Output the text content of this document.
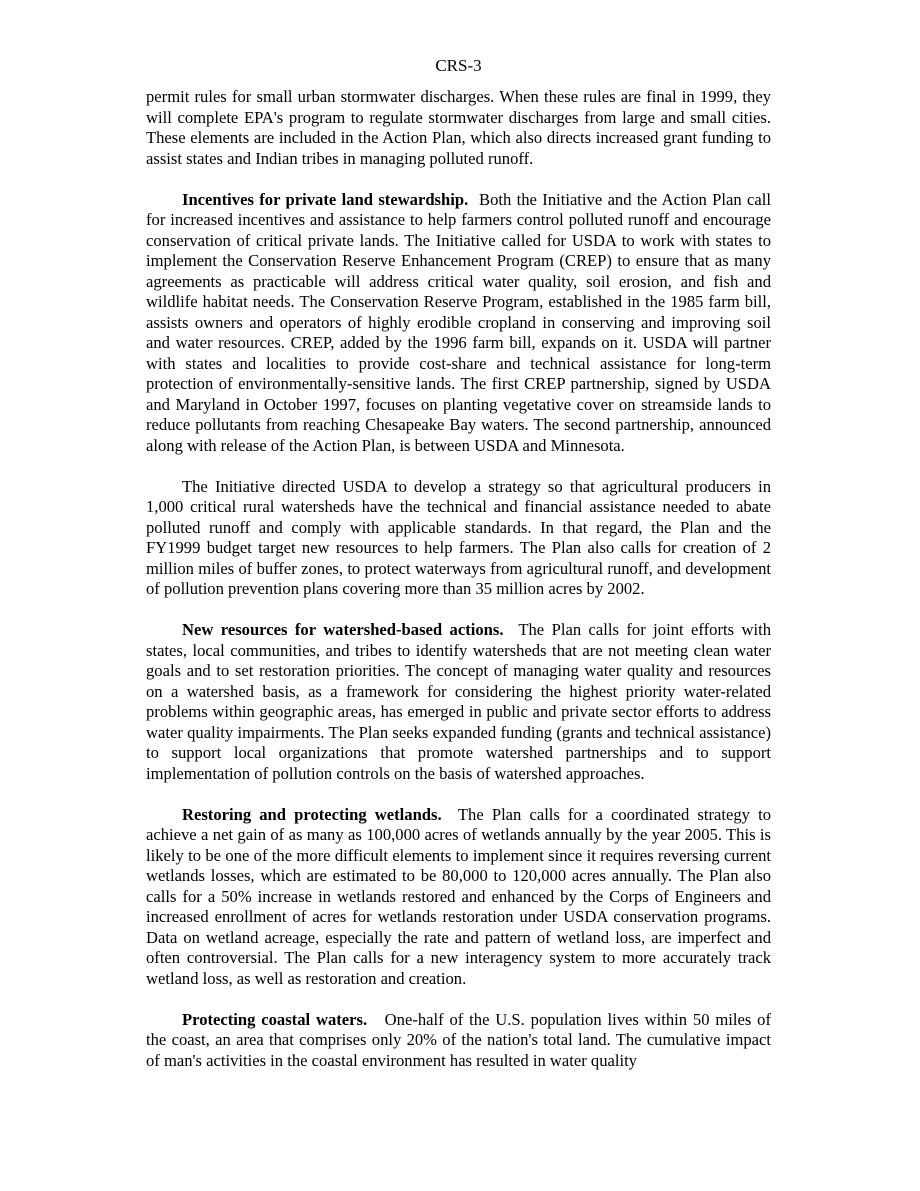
CRS-3

permit rules for small urban stormwater discharges. When these rules are final in 1999, they will complete EPA's program to regulate stormwater discharges from large and small cities. These elements are included in the Action Plan, which also directs increased grant funding to assist states and Indian tribes in managing polluted runoff.

Incentives for private land stewardship. Both the Initiative and the Action Plan call for increased incentives and assistance to help farmers control polluted runoff and encourage conservation of critical private lands. The Initiative called for USDA to work with states to implement the Conservation Reserve Enhancement Program (CREP) to ensure that as many agreements as practicable will address critical water quality, soil erosion, and fish and wildlife habitat needs. The Conservation Reserve Program, established in the 1985 farm bill, assists owners and operators of highly erodible cropland in conserving and improving soil and water resources. CREP, added by the 1996 farm bill, expands on it. USDA will partner with states and localities to provide cost-share and technical assistance for long-term protection of environmentally-sensitive lands. The first CREP partnership, signed by USDA and Maryland in October 1997, focuses on planting vegetative cover on streamside lands to reduce pollutants from reaching Chesapeake Bay waters. The second partnership, announced along with release of the Action Plan, is between USDA and Minnesota.

The Initiative directed USDA to develop a strategy so that agricultural producers in 1,000 critical rural watersheds have the technical and financial assistance needed to abate polluted runoff and comply with applicable standards. In that regard, the Plan and the FY1999 budget target new resources to help farmers. The Plan also calls for creation of 2 million miles of buffer zones, to protect waterways from agricultural runoff, and development of pollution prevention plans covering more than 35 million acres by 2002.

New resources for watershed-based actions. The Plan calls for joint efforts with states, local communities, and tribes to identify watersheds that are not meeting clean water goals and to set restoration priorities. The concept of managing water quality and resources on a watershed basis, as a framework for considering the highest priority water-related problems within geographic areas, has emerged in public and private sector efforts to address water quality impairments. The Plan seeks expanded funding (grants and technical assistance) to support local organizations that promote watershed partnerships and to support implementation of pollution controls on the basis of watershed approaches.

Restoring and protecting wetlands. The Plan calls for a coordinated strategy to achieve a net gain of as many as 100,000 acres of wetlands annually by the year 2005. This is likely to be one of the more difficult elements to implement since it requires reversing current wetlands losses, which are estimated to be 80,000 to 120,000 acres annually. The Plan also calls for a 50% increase in wetlands restored and enhanced by the Corps of Engineers and increased enrollment of acres for wetlands restoration under USDA conservation programs. Data on wetland acreage, especially the rate and pattern of wetland loss, are imperfect and often controversial. The Plan calls for a new interagency system to more accurately track wetland loss, as well as restoration and creation.

Protecting coastal waters. One-half of the U.S. population lives within 50 miles of the coast, an area that comprises only 20% of the nation's total land. The cumulative impact of man's activities in the coastal environment has resulted in water quality
